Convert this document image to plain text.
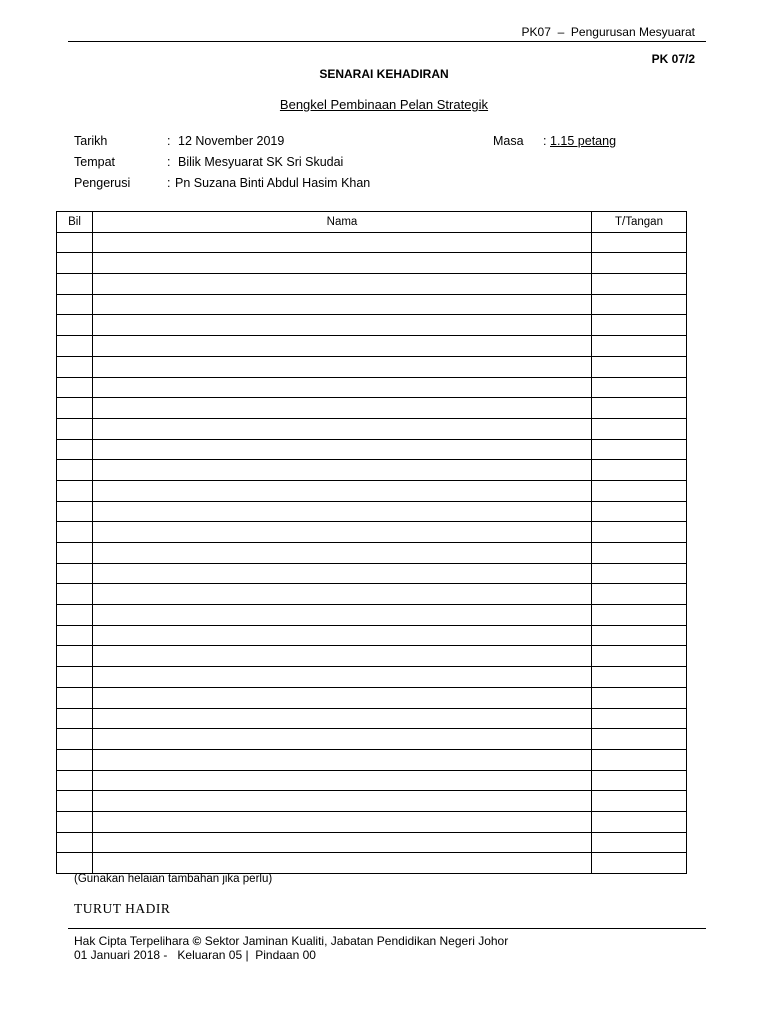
PK07 – Pengurusan Mesyuarat
PK 07/2
SENARAI KEHADIRAN
Bengkel Pembinaan Pelan Strategik
Tarikh	: 12 November 2019
Tempat	: Bilik Mesyuarat SK Sri Skudai
Pengerusi	: Pn Suzana Binti Abdul Hasim Khan
Masa : 1.15 petang
Bil	Nama	T/Tangan

(Gunakan helaian tambahan jika perlu)
TURUT HADIR
Hak Cipta Terpelihara © Sektor Jaminan Kualiti, Jabatan Pendidikan Negeri Johor
01 Januari 2018 -   Keluaran 05 |  Pindaan 00
